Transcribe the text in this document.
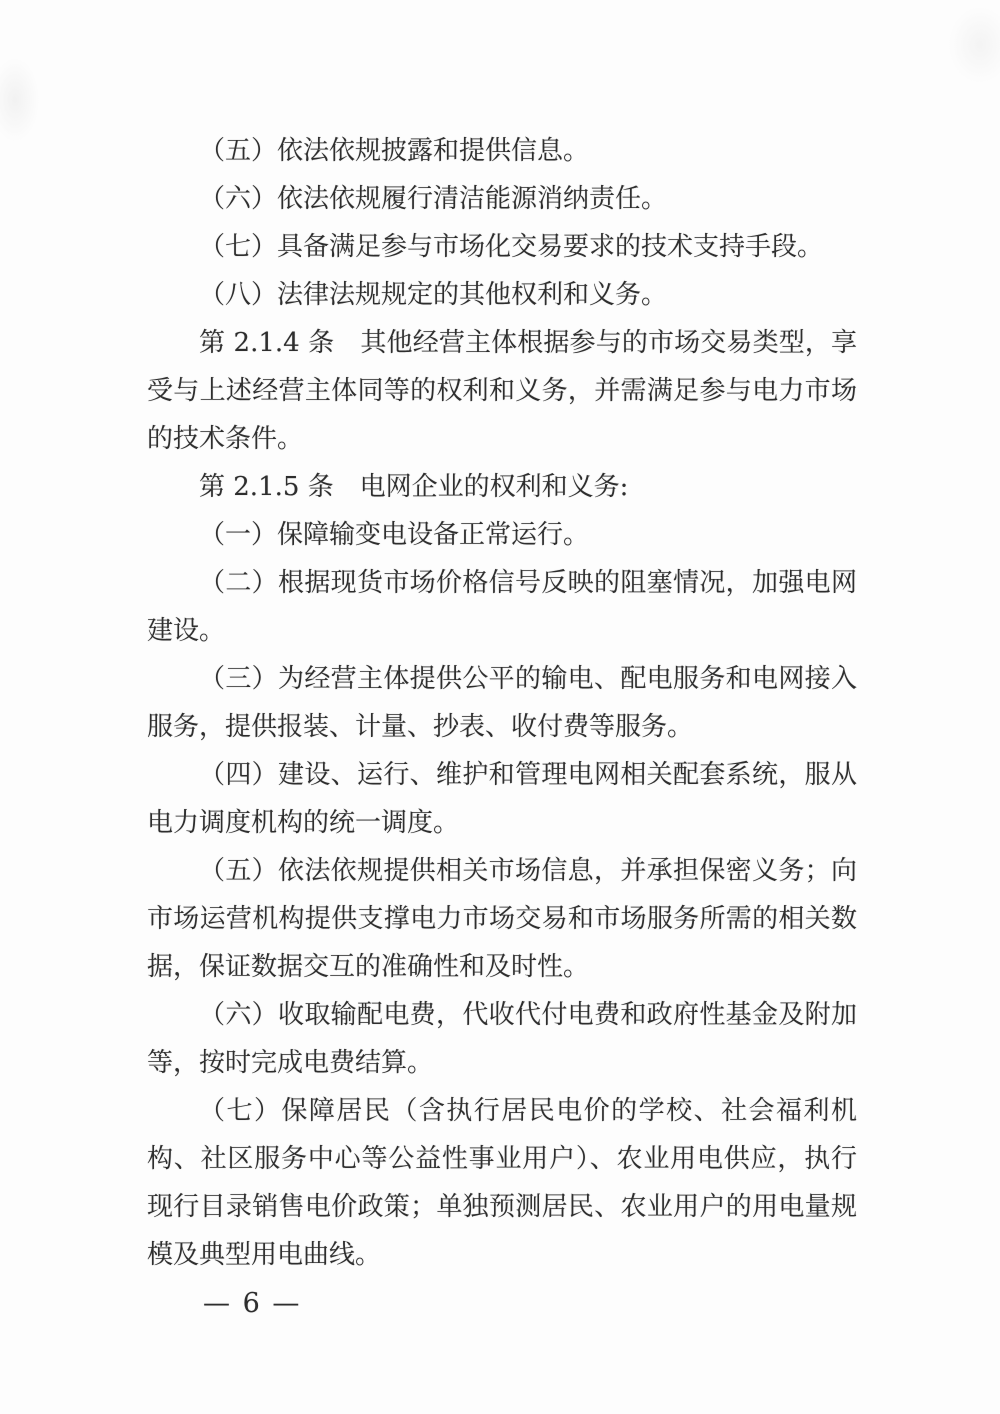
（五）依法依规披露和提供信息。

（六）依法依规履行清洁能源消纳责任。

（七）具备满足参与市场化交易要求的技术支持手段。

（八）法律法规规定的其他权利和义务。

第 2.1.4 条　其他经营主体根据参与的市场交易类型，享受与上述经营主体同等的权利和义务，并需满足参与电力市场的技术条件。

第 2.1.5 条　电网企业的权利和义务:

（一）保障输变电设备正常运行。

（二）根据现货市场价格信号反映的阻塞情况，加强电网建设。

（三）为经营主体提供公平的输电、配电服务和电网接入服务，提供报装、计量、抄表、收付费等服务。

（四）建设、运行、维护和管理电网相关配套系统，服从电力调度机构的统一调度。

（五）依法依规提供相关市场信息，并承担保密义务；向市场运营机构提供支撑电力市场交易和市场服务所需的相关数据，保证数据交互的准确性和及时性。

（六）收取输配电费，代收代付电费和政府性基金及附加等，按时完成电费结算。

（七）保障居民（含执行居民电价的学校、社会福利机构、社区服务中心等公益性事业用户）、农业用电供应，执行现行目录销售电价政策；单独预测居民、农业用户的用电量规模及典型用电曲线。

— 6 —
